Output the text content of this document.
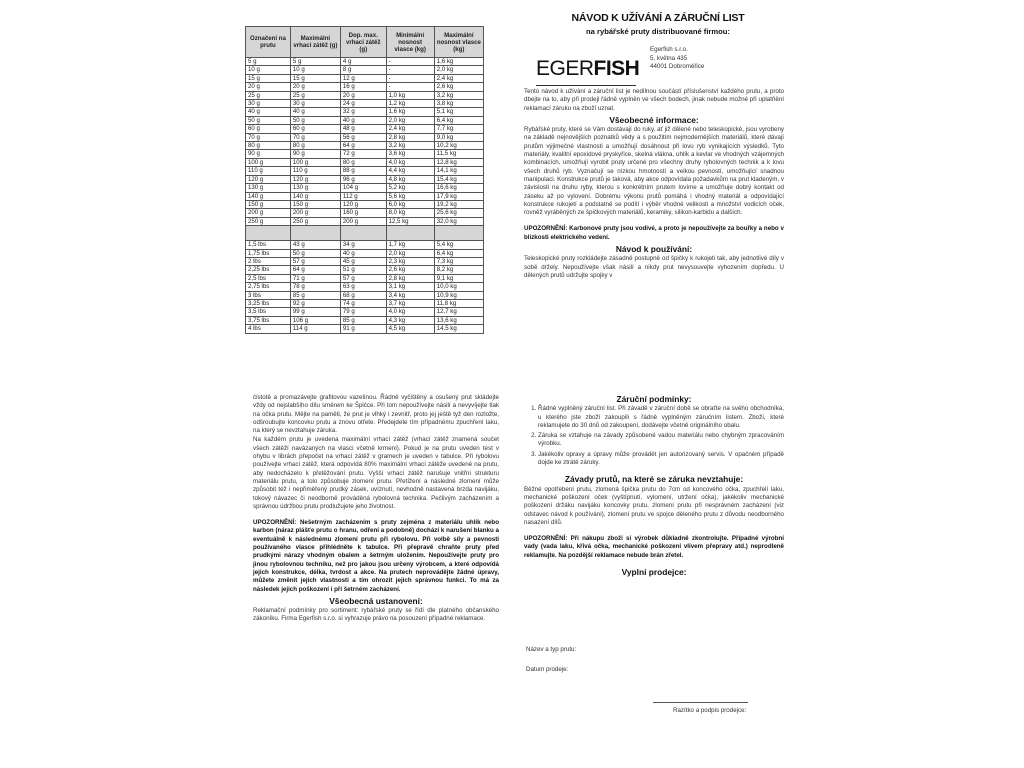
Označení na prutu	Maximální vrhací zátěž (g)	Dop. max. vrhací zátěž (g)	Minimální nosnost vlasce (kg)	Maximální nosnost vlasce (kg)
5 g	5 g	4 g	-	1,6 kg
10 g	10 g	8 g	-	2,0 kg
15 g	15 g	12 g	-	2,4 kg
20 g	20 g	16 g	-	2,6 kg
25 g	25 g	20 g	1,0 kg	3,2 kg
30 g	30 g	24 g	1,2 kg	3,8 kg
40 g	40 g	32 g	1,6 kg	5,1 kg
50 g	50 g	40 g	2,0 kg	6,4 kg
60 g	60 g	48 g	2,4 kg	7,7 kg
70 g	70 g	56 g	2,8 kg	9,0 kg
80 g	80 g	64 g	3,2 kg	10,2 kg
90 g	90 g	72 g	3,6 kg	11,5 kg
100 g	100 g	80 g	4,0 kg	12,8 kg
110 g	110 g	88 g	4,4 kg	14,1 kg
120 g	120 g	96 g	4,8 kg	15,4 kg
130 g	130 g	104 g	5,2 kg	16,6 kg
140 g	140 g	112 g	5,6 kg	17,9 kg
150 g	150 g	120 g	6,0 kg	19,2 kg
200 g	200 g	160 g	8,0 kg	25,6 kg
250 g	250 g	200 g	12,5 kg	32,0 kg

1,5 lbs	43 g	34 g	1,7 kg	5,4 kg
1,75 lbs	50 g	40 g	2,0 kg	6,4 kg
2 lbs	57 g	45 g	2,3 kg	7,3 kg
2,25 lbs	64 g	51 g	2,6 kg	8,2 kg
2,5 lbs	71 g	57 g	2,8 kg	9,1 kg
2,75 lbs	78 g	63 g	3,1 kg	10,0 kg
3 lbs	85 g	68 g	3,4 kg	10,9 kg
3,25 lbs	92 g	74 g	3,7 kg	11,8 kg
3,5 lbs	99 g	79 g	4,0 kg	12,7 kg
3,75 lbs	106 g	85 g	4,3 kg	13,6 kg
4 lbs	114 g	91 g	4,5 kg	14,5 kg
NÁVOD K UŽÍVÁNÍ A ZÁRUČNÍ LIST
na rybářské pruty distribuované firmou:
EGERFISH
Egerfish s.r.o.
5. května 435
44001 Dobroměřice

Tento návod k užívání a záruční list je nedílnou součástí příslušenství každého prutu, a proto dbejte na to, aby při prodeji řádně vyplněn ve všech bodech, jinak nebude možné při uplatňění reklamací záruku na zboží uznat.

Všeobecné informace:

Rybářské pruty, které se Vám dostávají do ruky, ať již dělené nebo teleskopické, jsou vyrobeny na základě nejnovějších poznatků vědy a s použitím nejmodernějších materiálů, které dávají prutům výjimečné vlastnosti a umožňují dosáhnout při lovu ryb vynikajících výsledků. Tyto materiály, kvalitní epoxidové pryskyřice, skelná vlákna, uhlík a kevlar ve vhodných vzájemných kombinacích, umožňují vyrobit pruty určené pro všechny druhy rybolovných technik a k lovu všech druhů ryb. Vyznačují se nízkou hmotností a velkou pevností, umožňující snadnou manipulaci. Konstrukce prutů je taková, aby akce odpovídala požadavkům na prut kladeným, v závislosti na druhu ryby, kterou s konkrétním prutem lovíme a umožňuje dobrý kontakt od záseku až po vylovení. Dobrému výkonu prutů pomáhá i vhodný materiál a odpovídající konstrukce rukojetí a podstatně se podílí i výběr vhodné velikosti a množství vodicích oček, rovněž vyráběných ze špičkových materiálů, keramiky, silikon-karbidu a dalších.

UPOZORNĚNÍ: Karbonové pruty jsou vodivé, a proto je nepoužívejte za bouřky a nebo v blízkosti elektrického vedení.

Návod k používání:

Teleskopické pruty rozkládejte zásadně postupně od špičky k rukojeti tak, aby jednotlivé díly v sobě držely. Nepoužívejte však násilí a nikdy prut nevysouvejte vyhozením dopředu. U dělených prutů udržujte spojky v

Záruční podmínky:
1. Řádně vyplněný záruční list. Při závadě v záruční době se obraťte na svého obchodníka, u kterého jste zboží zakoupili s řádně vyplněným záručním listem. Zboží, které reklamujete do 30 dnů od zakoupení, dodávejte včetně originálního obalu.
2. Záruka se vztahuje na závady způsobené vadou materiálu nebo chybným zpracováním výrobku.
3. Jakékoliv opravy a úpravy může provádět jen autorizovaný servis. V opačném případě dojde ke ztrátě záruky.
Závady prutů, na které se záruka nevztahuje:

Běžné opotřebení prutu, zlomená špička prutu do 7cm od koncového očka, zpuchřelí laku, mechanické poškození oček (vyštípnutí, vylomení, utržení očka), jakékoliv mechanické poškození držáku navijáku koncovky prutu, zlomení prutu při nesprávném zacházení (viz odstavec návod k používání), zlomení prutu ve spojce děleného prutu z důvodu neodborného nasazení dílů.

UPOZORNĚNÍ: Při nákupu zboží si výrobek důkladně zkontrolujte. Případné výrobní vady (vada laku, křivá očka, mechanické poškození vlivem přepravy atd.) neprodleně reklamujte. Na pozdější reklamace nebude brán zřetel.

Vyplní prodejce:
Název a typ prutu:
Datum prodeje:
Razítko a podpis prodejce:

čistotě a promazávejte grafitovou vazelínou. Řádně vyčištěný a osušený prut skládejte vždy od nejslabšího dílu směrem ke Špičce. Při tom nepoužívejte násilí a nevyvíjejte tlak na očka prutu. Mějte na paměti, že prut je vlhký i zevnitř, proto jej ještě tyž den rozložte, odšroubujte koncovku prutu a znovu otřete. Předejdete tím případnému zpuchření laku, na který se nevztahuje záruka.

Na každém prutu je uvedena maximální vrhací zátěž (vrhací zátěž znamená součet všech zátěží navázaných na vlasci včetně krmení). Pokud je na prutu uveden test v ohybu v librách přepočet na vrhací zátěž v gramech je uveden v tabulce. Při rybolovu používejte vrhací zátěž, která odpovídá 80% maximální vrhací zátěže uvedené na prutu, aby nedocházelo k přetěžování prutu. Vyšší vrhací zátěž narušuje vnitřní strukturu materiálu prutu, a tolo způsobuje zlomení prutu. Přetížení a následné zlomení může způsobit též i nepřiměřený prudký zásek, uvíznutí, nevhodně nastavená brzda navijáku, tokový návazec či neodborně prováděná rybolovná technika. Pečlivým zacházením a správnou údržbou prutu prodlužujete jeho životnost.

UPOZORNĚNÍ: Nešetrným zacházením s pruty zejména z materiálu uhlík nebo karbon (náraz plášťe prutu o hranu, odření a podobně) dochází k narušení blanku a eventuálně k následnému zlomení prutu při rybolovu. Při volbě síly a pevnosti používaného vlasce přihlédněte k tabulce. Při přepravě chraňte pruty před prudkými nárazy vhodným obalem a šetrným uložením. Nepoužívejte pruty pro jinou rybolovnou techniku, než pro jakou jsou určeny výrobcem, a které odpovídá jejich konstrukce, délka, tvrdost a akce. Na prutech neprovádějte žádné úpravy, můžete změnit jejich vlastnosti a tím ohrozit jejich správnou funkci. To má za následek jejich poškození i při šetrném zacházení.

Všeobecná ustanovení:

Reklamační podmínky pro sortiment: rybářské pruty se řídí dle platného občanského zákoníku. Firma Egerfish s.r.o. si vyhrazuje právo na posouzení případné reklamace.
